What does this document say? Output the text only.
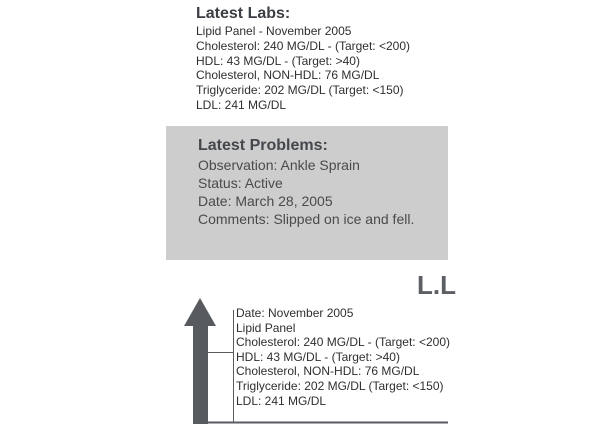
Latest Labs:
Lipid Panel - November 2005
Cholesterol: 240 MG/DL - (Target: <200)
HDL: 43 MG/DL - (Target: >40)
Cholesterol, NON-HDL: 76 MG/DL
Triglyceride: 202 MG/DL (Target: <150)
LDL: 241 MG/DL
Latest Problems:
Observation: Ankle Sprain
Status: Active
Date: March 28, 2005
Comments: Slipped on ice and fell.
L.L
Date: November 2005
Lipid Panel
Cholesterol: 240 MG/DL - (Target: <200)
HDL: 43 MG/DL - (Target: >40)
Cholesterol, NON-HDL: 76 MG/DL
Triglyceride: 202 MG/DL (Target: <150)
LDL: 241 MG/DL
